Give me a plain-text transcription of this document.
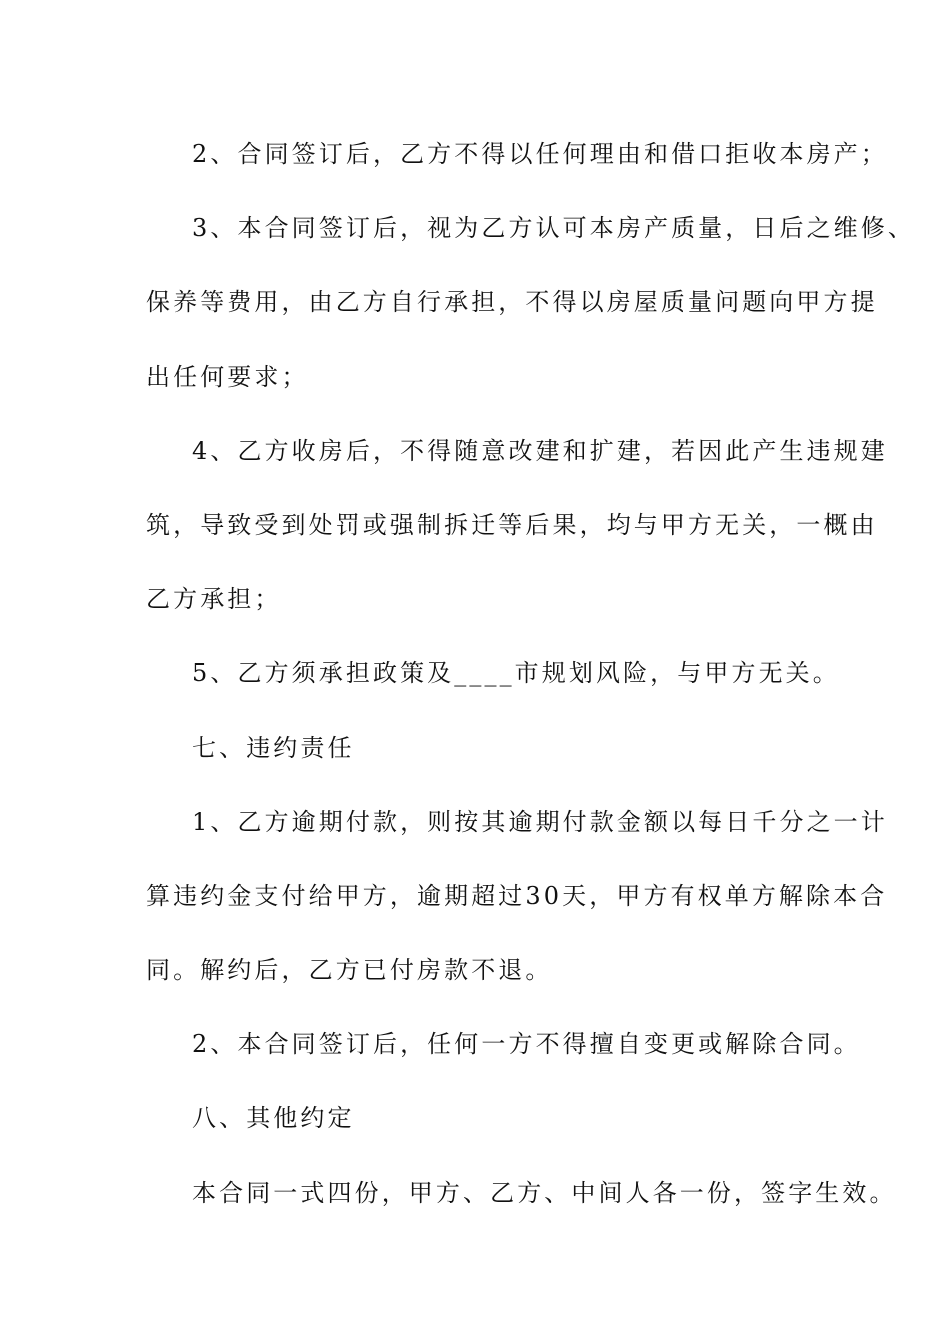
2、合同签订后，乙方不得以任何理由和借口拒收本房产；
3、本合同签订后，视为乙方认可本房产质量，日后之维修、
保养等费用，由乙方自行承担，不得以房屋质量问题向甲方提
出任何要求；
4、乙方收房后，不得随意改建和扩建，若因此产生违规建
筑，导致受到处罚或强制拆迁等后果，均与甲方无关，一概由
乙方承担；
5、乙方须承担政策及____市规划风险，与甲方无关。
七、违约责任
1、乙方逾期付款，则按其逾期付款金额以每日千分之一计
算违约金支付给甲方，逾期超过30天，甲方有权单方解除本合
同。解约后，乙方已付房款不退。
2、本合同签订后，任何一方不得擅自变更或解除合同。
八、其他约定
本合同一式四份，甲方、乙方、中间人各一份，签字生效。
